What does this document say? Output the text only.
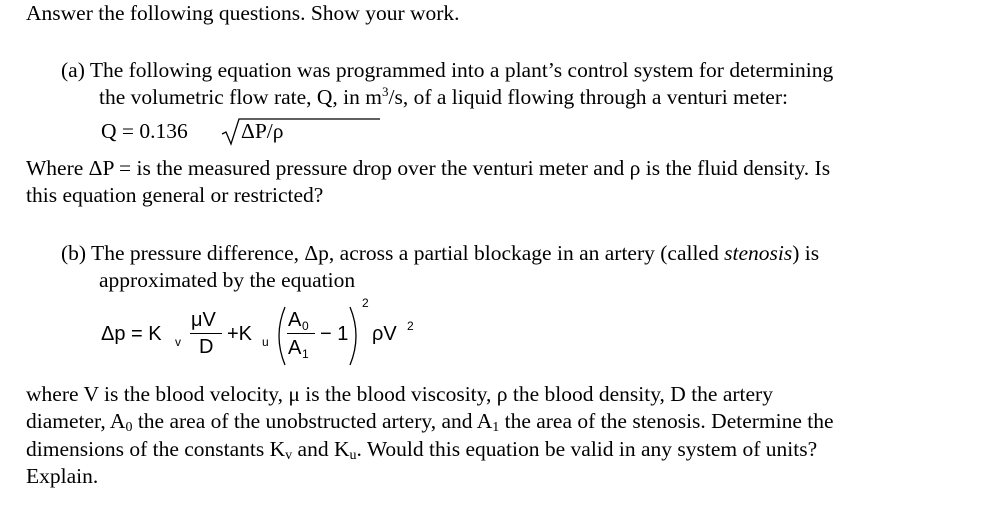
Answer the following questions. Show your work.
(a) The following equation was programmed into a plant’s control system for determining
the volumetric flow rate, Q, in $m^3/s$, of a liquid flowing through a venturi meter:
Q = 0.136 ΔP/ρ
Where ΔP = is the measured pressure drop over the venturi meter and ρ is the fluid density. Is
this equation general or restricted?
(b) The pressure difference, Δp, across a partial blockage in an artery (called stenosis) is
approximated by the equation
Δp = K v
μV
D
+K u
A 0
A 1
− 1
2
ρV 2
where V is the blood velocity, μ is the blood viscosity, ρ the blood density, D the artery
diameter, A0 the area of the unobstructed artery, and A1 the area of the stenosis. Determine the
dimensions of the constants Kv and Ku. Would this equation be valid in any system of units?
Explain.
